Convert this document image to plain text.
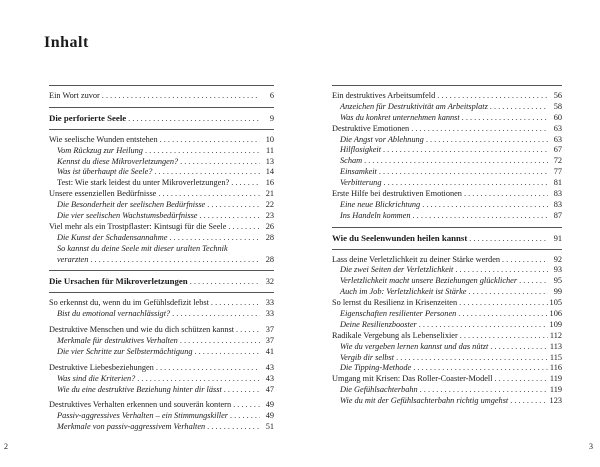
Inhalt
Ein Wort zuvor . . .	6
Die perforierte Seele . . .	9
Wie seelische Wunden entstehen . . .	10
Vom Rückzug zur Heilung . . .	11
Kennst du diese Mikroverletzungen? . . .	13
Was ist überhaupt die Seele? . . .	14
Test: Wie stark leidest du unter Mikroverletzungen? . . .	16
Unsere essenziellen Bedürfnisse . . .	21
Die Besonderheit der seelischen Bedürfnisse . . .	22
Die vier seelischen Wachstumsbedürfnisse . . .	23
Viel mehr als ein Trostpflaster: Kintsugi für die Seele . . .	26
Die Kunst der Schadensannahme . . .	28
So kannst du deine Seele mit dieser uralten Technik
verarzten . . .	28
Die Ursachen für Mikroverletzungen . . .	32
So erkennst du, wenn du im Gefühlsdefizit lebst . . .	33
Bist du emotional vernachlässigt? . . .	33
Destruktive Menschen und wie du dich schützen kannst . . .	37
Merkmale für destruktives Verhalten . . .	37
Die vier Schritte zur Selbstermächtigung . . .	41
Destruktive Liebesbeziehungen . . .	43
Was sind die Kriterien? . . .	43
Wie du eine destruktive Beziehung hinter dir lässt . . .	47
Destruktives Verhalten erkennen und souverän kontern . . .	49
Passiv-aggressives Verhalten – ein Stimmungskiller . . .	49
Merkmale von passiv-aggressivem Verhalten . . .	51
Ein destruktives Arbeitsumfeld . . .	56
Anzeichen für Destruktivität am Arbeitsplatz . . .	58
Was du konkret unternehmen kannst . . .	60
Destruktive Emotionen . . .	63
Die Angst vor Ablehnung . . .	63
Hilflosigkeit . . .	67
Scham . . .	72
Einsamkeit . . .	77
Verbitterung . . .	81
Erste Hilfe bei destruktiven Emotionen . . .	83
Eine neue Blickrichtung . . .	83
Ins Handeln kommen . . .	87
Wie du Seelenwunden heilen kannst . . .	91
Lass deine Verletzlichkeit zu deiner Stärke werden . . .	92
Die zwei Seiten der Verletzlichkeit . . .	93
Verletzlichkeit macht unsere Beziehungen glücklicher . . .	95
Auch im Job: Verletzlichkeit ist Stärke . . .	99
So lernst du Resilienz in Krisenzeiten . . .	105
Eigenschaften resilienter Personen . . .	106
Deine Resilienzbooster . . .	109
Radikale Vergebung als Lebenselixier . . .	112
Wie du vergeben lernen kannst und das nützt . . .	113
Vergib dir selbst . . .	115
Die Tipping-Methode . . .	116
Umgang mit Krisen: Das Roller-Coaster-Modell . . .	119
Die Gefühlsachterbahn . . .	119
Wie du mit der Gefühlsachterbahn richtig umgehst . . .	123
2	3
